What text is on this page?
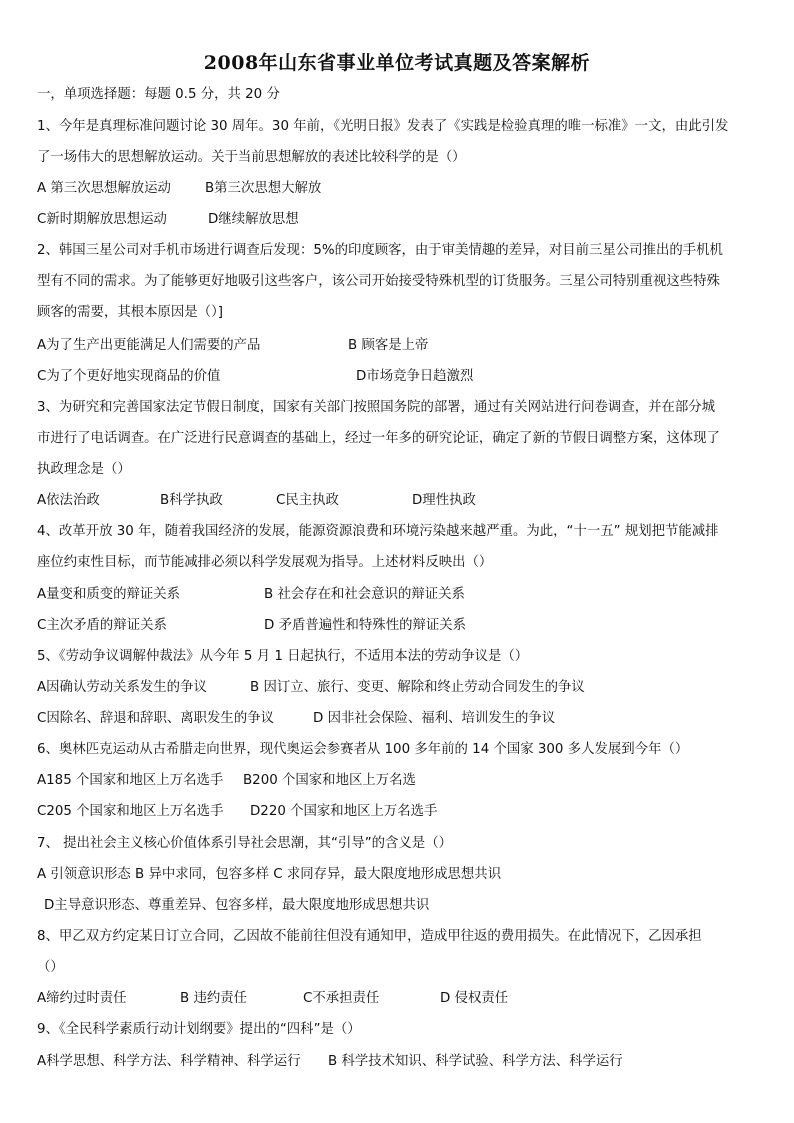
2008年山东省事业单位考试真题及答案解析
一，单项选择题：每题 0.5 分，共 20 分
1、今年是真理标准问题讨论 30 周年。30 年前，《光明日报》发表了《实践是检验真理的唯一标准》一文，由此引发
了一场伟大的思想解放运动。关于当前思想解放的表述比较科学的是（）
A 第三次思想解放运动	B第三次思想大解放
C新时期解放思想运动	D继续解放思想
2、韩国三星公司对手机市场进行调查后发现：5%的印度顾客，由于审美情趣的差异，对目前三星公司推出的手机机
型有不同的需求。为了能够更好地吸引这些客户，该公司开始接受特殊机型的订货服务。三星公司特别重视这些特殊
顾客的需要，其根本原因是（）]
A为了生产出更能满足人们需要的产品	B 顾客是上帝
C为了个更好地实现商品的价值	D市场竞争日趋激烈
3、为研究和完善国家法定节假日制度，国家有关部门按照国务院的部署，通过有关网站进行问卷调查，并在部分城
市进行了电话调查。在广泛进行民意调查的基础上，经过一年多的研究论证，确定了新的节假日调整方案，这体现了
执政理念是（）
A依法治政	B科学执政	C民主执政	D理性执政
4、改革开放 30 年，随着我国经济的发展，能源资源浪费和环境污染越来越严重。为此，“十一五” 规划把节能减排
座位约束性目标，而节能减排必须以科学发展观为指导。上述材料反映出（）
A量变和质变的辩证关系	B 社会存在和社会意识的辩证关系
C主次矛盾的辩证关系	D 矛盾普遍性和特殊性的辩证关系
5、《劳动争议调解仲裁法》从今年 5 月 1 日起执行，不适用本法的劳动争议是（）
A因确认劳动关系发生的争议	B 因订立、旅行、变更、解除和终止劳动合同发生的争议
C因除名、辞退和辞职、离职发生的争议	D 因非社会保险、福利、培训发生的争议
6、奥林匹克运动从古希腊走向世界，现代奥运会参赛者从 100 多年前的 14 个国家 300 多人发展到今年（）
A185 个国家和地区上万名选手 B200 个国家和地区上万名选
C205 个国家和地区上万名选手 D220 个国家和地区上万名选手
7、 提出社会主义核心价值体系引导社会思潮，其“引导”的含义是（）
A 引领意识形态 B 异中求同，包容多样 C 求同存异，最大限度地形成思想共识
D主导意识形态、尊重差异、包容多样，最大限度地形成思想共识
8、甲乙双方约定某日订立合同，乙因故不能前往但没有通知甲，造成甲往返的费用损失。在此情况下，乙因承担
（）
A缔约过时责任	B 违约责任	C不承担责任	D 侵权责任
9、《全民科学素质行动计划纲要》提出的“四科”是（）
A科学思想、科学方法、科学精神、科学运行 B 科学技术知识、科学试验、科学方法、科学运行
